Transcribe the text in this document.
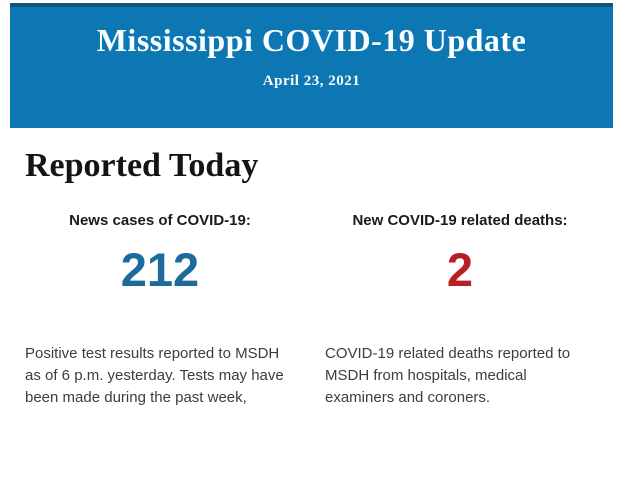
Mississippi COVID-19 Update
April 23, 2021
Reported Today
News cases of COVID-19:
212
Positive test results reported to MSDH as of 6 p.m. yesterday. Tests may have been made during the past week,
New COVID-19 related deaths:
2
COVID-19 related deaths reported to MSDH from hospitals, medical examiners and coroners.
